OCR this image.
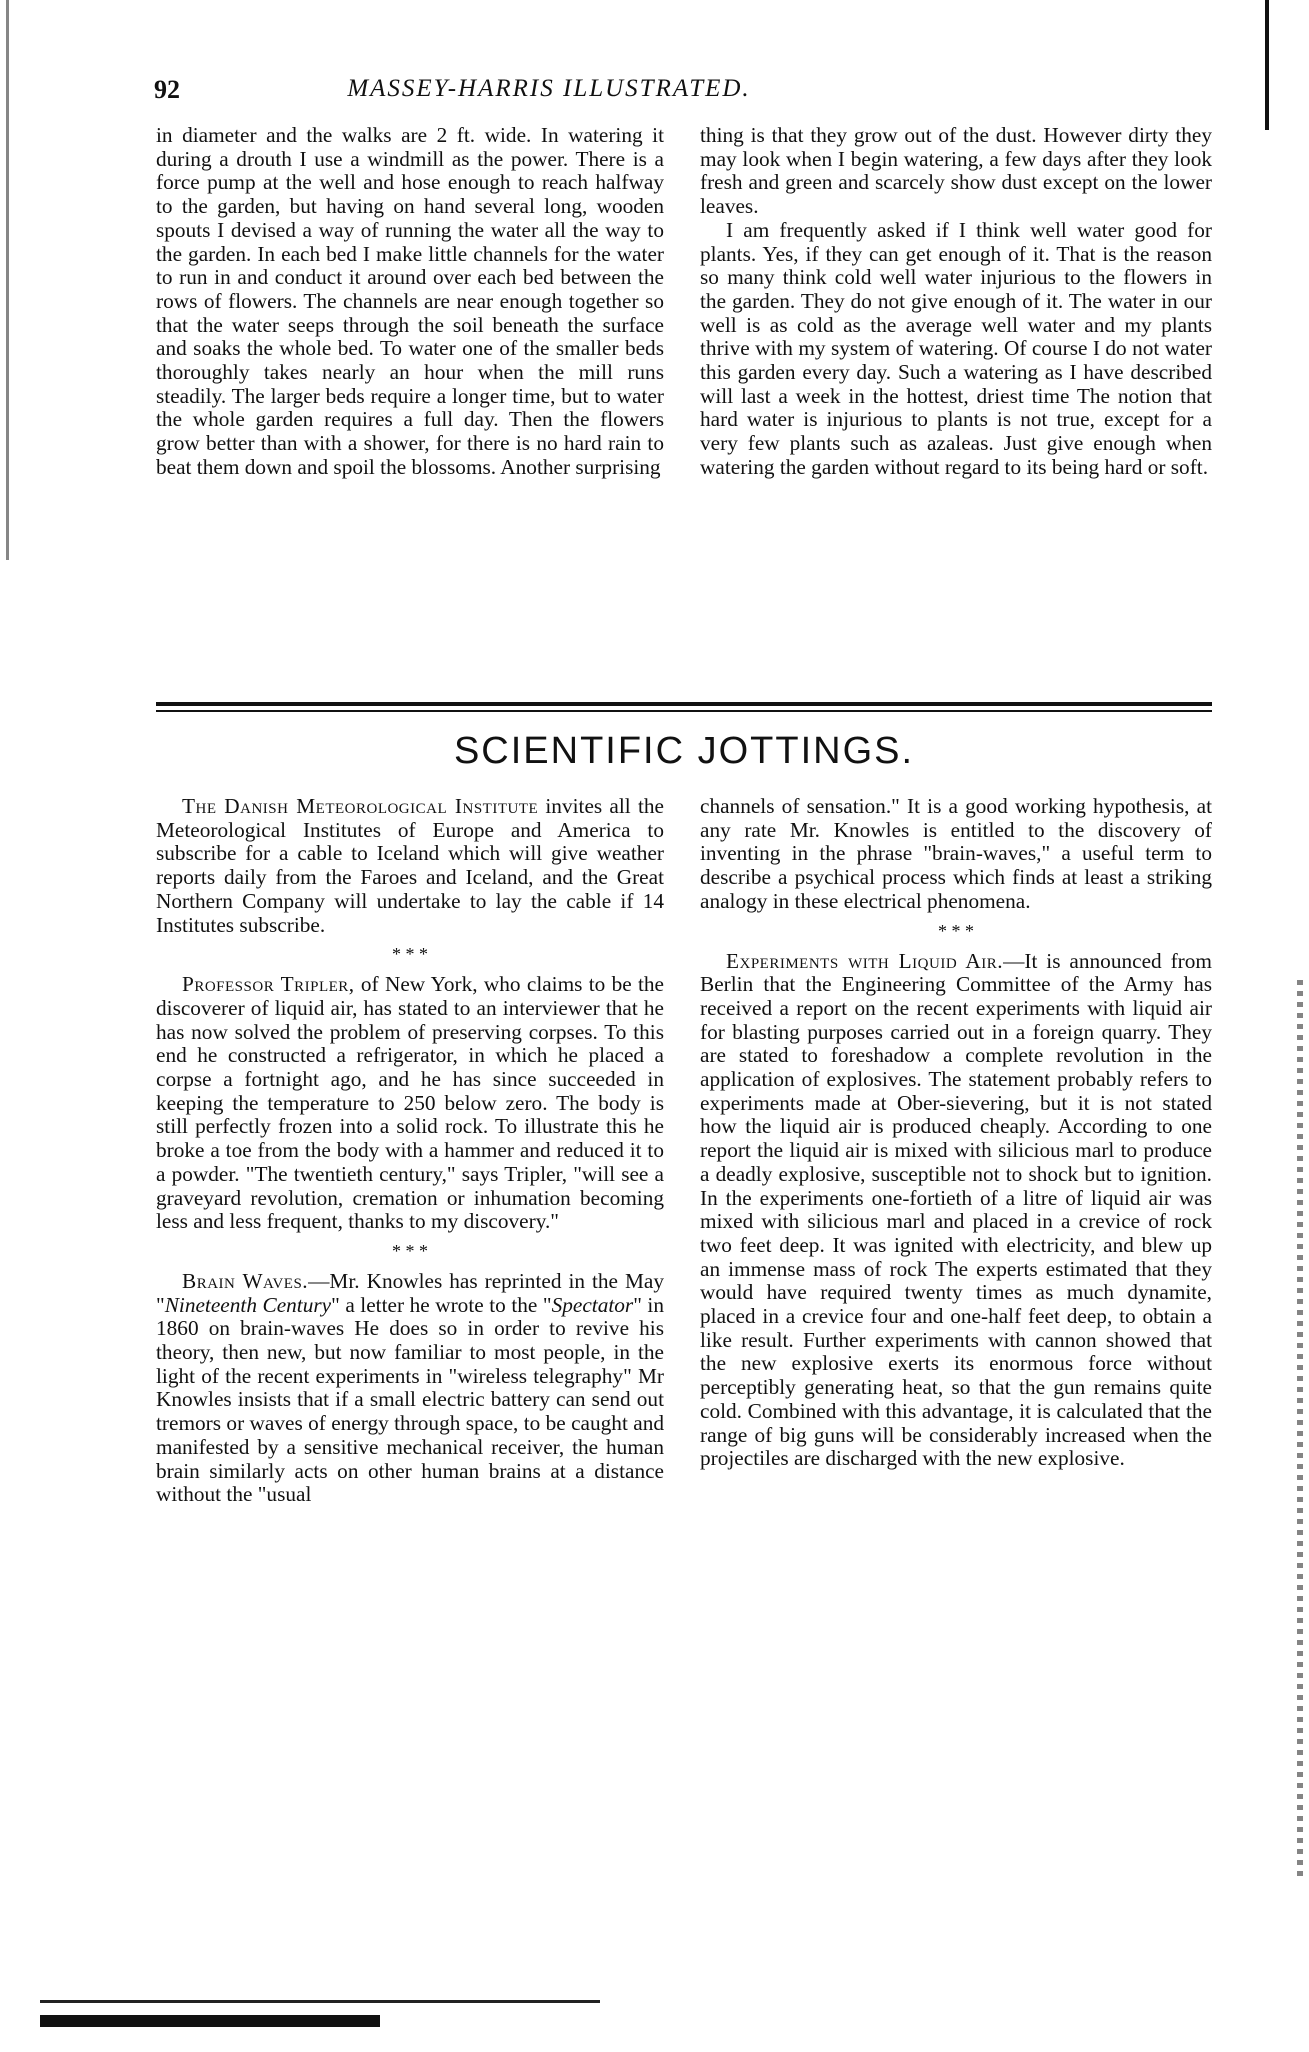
92	MASSEY-HARRIS ILLUSTRATED.

in diameter and the walks are 2 ft. wide. In watering it during a drouth I use a windmill as the power. There is a force pump at the well and hose enough to reach halfway to the garden, but having on hand several long, wooden spouts I devised a way of running the water all the way to the garden. In each bed I make little channels for the water to run in and conduct it around over each bed between the rows of flowers. The channels are near enough together so that the water seeps through the soil beneath the surface and soaks the whole bed. To water one of the smaller beds thoroughly takes nearly an hour when the mill runs steadily. The larger beds require a longer time, but to water the whole garden requires a full day. Then the flowers grow better than with a shower, for there is no hard rain to beat them down and spoil the blossoms. Another surprising

thing is that they grow out of the dust. However dirty they may look when I begin watering, a few days after they look fresh and green and scarcely show dust except on the lower leaves.

I am frequently asked if I think well water good for plants. Yes, if they can get enough of it. That is the reason so many think cold well water injurious to the flowers in the garden. They do not give enough of it. The water in our well is as cold as the average well water and my plants thrive with my system of watering. Of course I do not water this garden every day. Such a watering as I have described will last a week in the hottest, driest time The notion that hard water is injurious to plants is not true, except for a very few plants such as azaleas. Just give enough when watering the garden without regard to its being hard or soft.

SCIENTIFIC JOTTINGS.

The Danish Meteorological Institute invites all the Meteorological Institutes of Europe and America to subscribe for a cable to Iceland which will give weather reports daily from the Faroes and Iceland, and the Great Northern Company will undertake to lay the cable if 14 Institutes subscribe.

* * *

Professor Tripler, of New York, who claims to be the discoverer of liquid air, has stated to an interviewer that he has now solved the problem of preserving corpses. To this end he constructed a refrigerator, in which he placed a corpse a fortnight ago, and he has since succeeded in keeping the temperature to 250 below zero. The body is still perfectly frozen into a solid rock. To illustrate this he broke a toe from the body with a hammer and reduced it to a powder. "The twentieth century," says Tripler, "will see a graveyard revolution, cremation or inhumation becoming less and less frequent, thanks to my discovery."

* * *

Brain Waves.—Mr. Knowles has reprinted in the May "Nineteenth Century" a letter he wrote to the "Spectator" in 1860 on brain-waves He does so in order to revive his theory, then new, but now familiar to most people, in the light of the recent experiments in "wireless telegraphy" Mr Knowles insists that if a small electric battery can send out tremors or waves of energy through space, to be caught and manifested by a sensitive mechanical receiver, the human brain similarly acts on other human brains at a distance without the "usual

channels of sensation." It is a good working hypothesis, at any rate Mr. Knowles is entitled to the discovery of inventing in the phrase "brain-waves," a useful term to describe a psychical process which finds at least a striking analogy in these electrical phenomena.

* * *

Experiments with Liquid Air.—It is announced from Berlin that the Engineering Committee of the Army has received a report on the recent experiments with liquid air for blasting purposes carried out in a foreign quarry. They are stated to foreshadow a complete revolution in the application of explosives. The statement probably refers to experiments made at Ober-sievering, but it is not stated how the liquid air is produced cheaply. According to one report the liquid air is mixed with silicious marl to produce a deadly explosive, susceptible not to shock but to ignition. In the experiments one-fortieth of a litre of liquid air was mixed with silicious marl and placed in a crevice of rock two feet deep. It was ignited with electricity, and blew up an immense mass of rock The experts estimated that they would have required twenty times as much dynamite, placed in a crevice four and one-half feet deep, to obtain a like result. Further experiments with cannon showed that the new explosive exerts its enormous force without perceptibly generating heat, so that the gun remains quite cold. Combined with this advantage, it is calculated that the range of big guns will be considerably increased when the projectiles are discharged with the new explosive.
